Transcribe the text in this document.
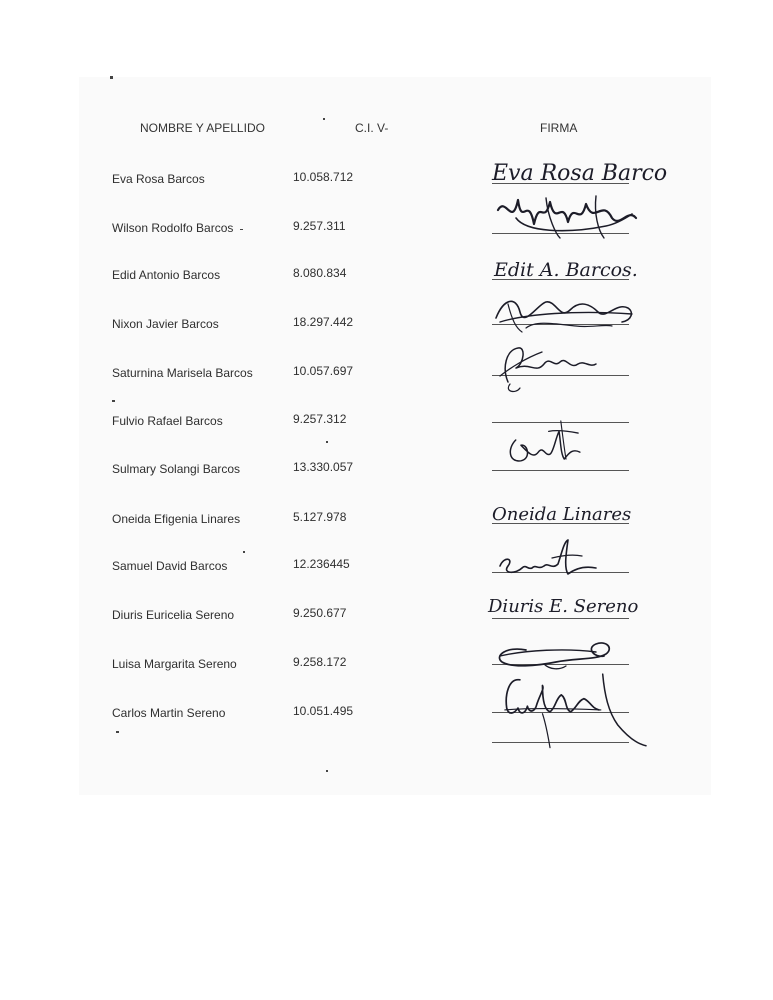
NOMBRE Y APELLIDO	C.I. V-	FIRMA
Eva Rosa Barcos	10.058.712	Eva Rosa Barco
Wilson Rodolfo Barcos	9.257.311
Edid Antonio Barcos	8.080.834	Edit A. Barcos.
Nixon Javier Barcos	18.297.442
Saturnina Marisela Barcos	10.057.697
Fulvio Rafael Barcos	9.257.312
Sulmary Solangi Barcos	13.330.057
Oneida Efigenia Linares	5.127.978	Oneida Linares
Samuel David Barcos	12.236445
Diuris Euricelia Sereno	9.250.677	Diuris E. Sereno
Luisa Margarita Sereno	9.258.172
Carlos Martin Sereno	10.051.495
